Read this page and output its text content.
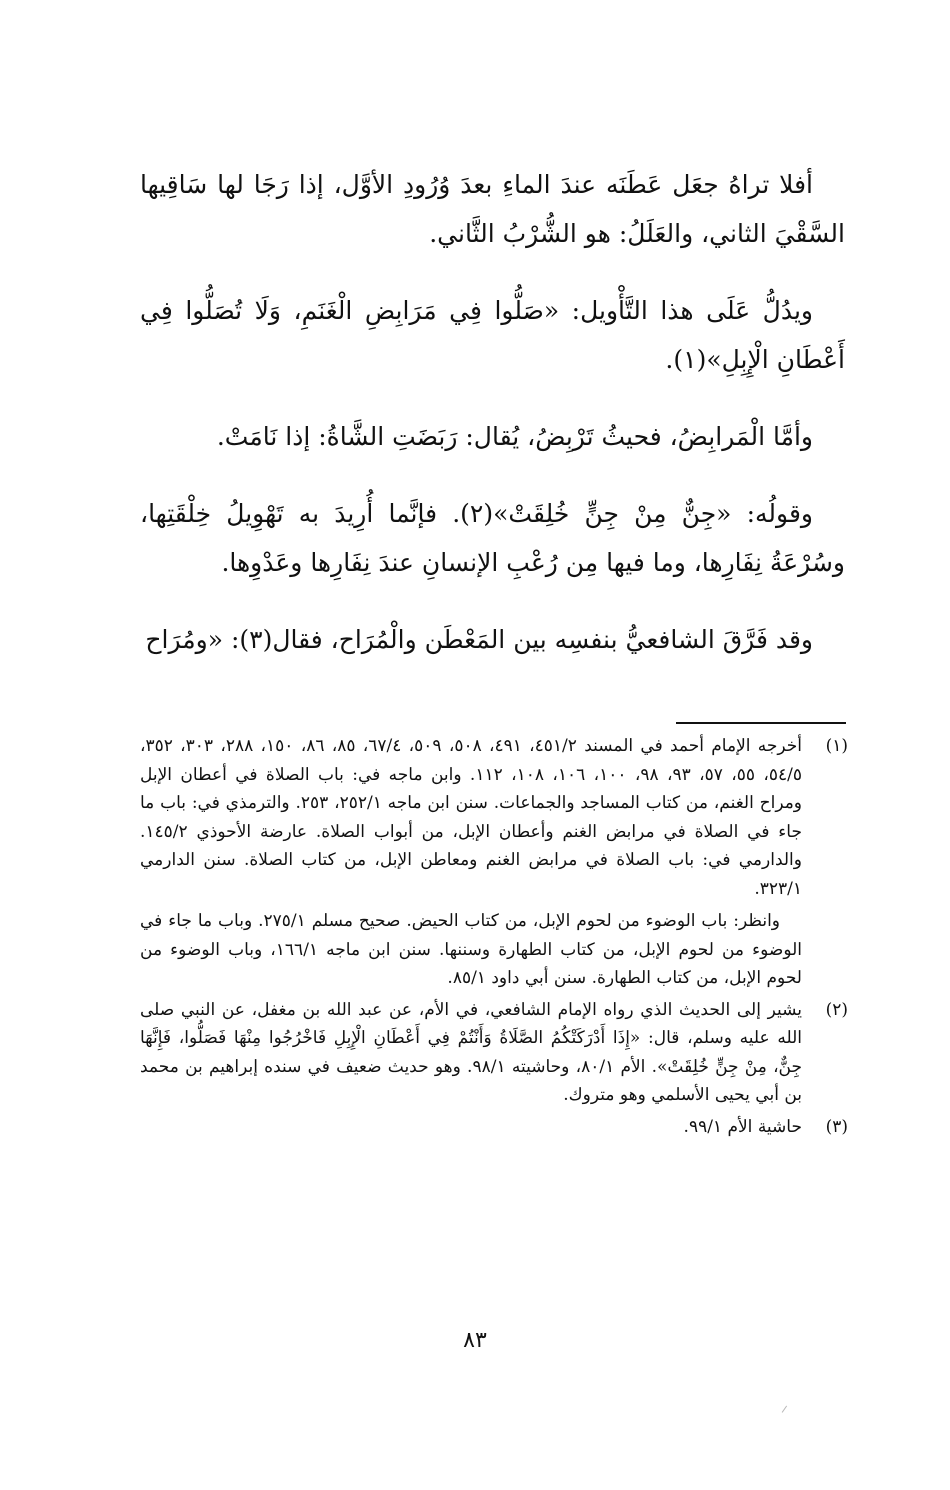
أفلا تراهُ جعَل عَطَنَه عندَ الماءِ بعدَ وُرُودِ الأوَّل، إذا رَجَا لها سَاقِيها السَّقْيَ الثاني، والعَلَلُ: هو الشُّرْبُ الثَّاني.

ويدُلُّ عَلَى هذا التَّأْويل: «صَلُّوا فِي مَرَابِضِ الْغَنَمِ، وَلَا تُصَلُّوا فِي أَعْطَانِ الْإِبِلِ»(١).

وأمَّا الْمَرابِضُ، فحيثُ تَرْبِضُ، يُقال: رَبَضَتِ الشَّاةُ: إذا نَامَتْ.

وقولُه: «جِنٌّ مِنْ جِنٍّ خُلِقَتْ»(٢). فإنَّما أُرِيدَ به تَهْوِيلُ خِلْقَتِها، وسُرْعَةُ نِفَارِها، وما فيها مِن رُعْبِ الإنسانِ عندَ نِفَارِها وعَدْوِها.

وقد فَرَّقَ الشافعيُّ بنفسِه بين المَعْطَن والْمُرَاح، فقال(٣): «ومُرَاح

(١)

أخرجه الإمام أحمد في المسند ٤٥١/٢، ٤٩١، ٥٠٨، ٥٠٩، ٦٧/٤، ٨٥، ٨٦، ١٥٠، ٢٨٨، ٣٠٣، ٣٥٢، ٥٤/٥، ٥٥، ٥٧، ٩٣، ٩٨، ١٠٠، ١٠٦، ١٠٨، ١١٢. وابن ماجه في: باب الصلاة في أعطان الإبل ومراح الغنم، من كتاب المساجد والجماعات. سنن ابن ماجه ٢٥٢/١، ٢٥٣. والترمذي في: باب ما جاء في الصلاة في مرابض الغنم وأعطان الإبل، من أبواب الصلاة. عارضة الأحوذي ١٤٥/٢. والدارمي في: باب الصلاة في مرابض الغنم ومعاطن الإبل، من كتاب الصلاة. سنن الدارمي ٣٢٣/١.

وانظر: باب الوضوء من لحوم الإبل، من كتاب الحيض. صحيح مسلم ٢٧٥/١. وباب ما جاء في الوضوء من لحوم الإبل، من كتاب الطهارة وسننها. سنن ابن ماجه ١٦٦/١، وباب الوضوء من لحوم الإبل، من كتاب الطهارة. سنن أبي داود ٨٥/١.

(٢)

يشير إلى الحديث الذي رواه الإمام الشافعي، في الأم، عن عبد الله بن مغفل، عن النبي صلى الله عليه وسلم، قال: «إِذَا أَدْرَكَتْكُمُ الصَّلَاةُ وَأَنْتُمْ فِي أَعْطَانِ الْإِبِلِ فَاخْرُجُوا مِنْهَا فَصَلُّوا، فَإِنَّهَا جِنٌّ، مِنْ جِنٍّ خُلِقَتْ». الأم ٨٠/١، وحاشيته ٩٨/١. وهو حديث ضعيف في سنده إبراهيم بن محمد بن أبي يحيى الأسلمي وهو متروك.

(٣)

حاشية الأم ٩٩/١.

٨٣
